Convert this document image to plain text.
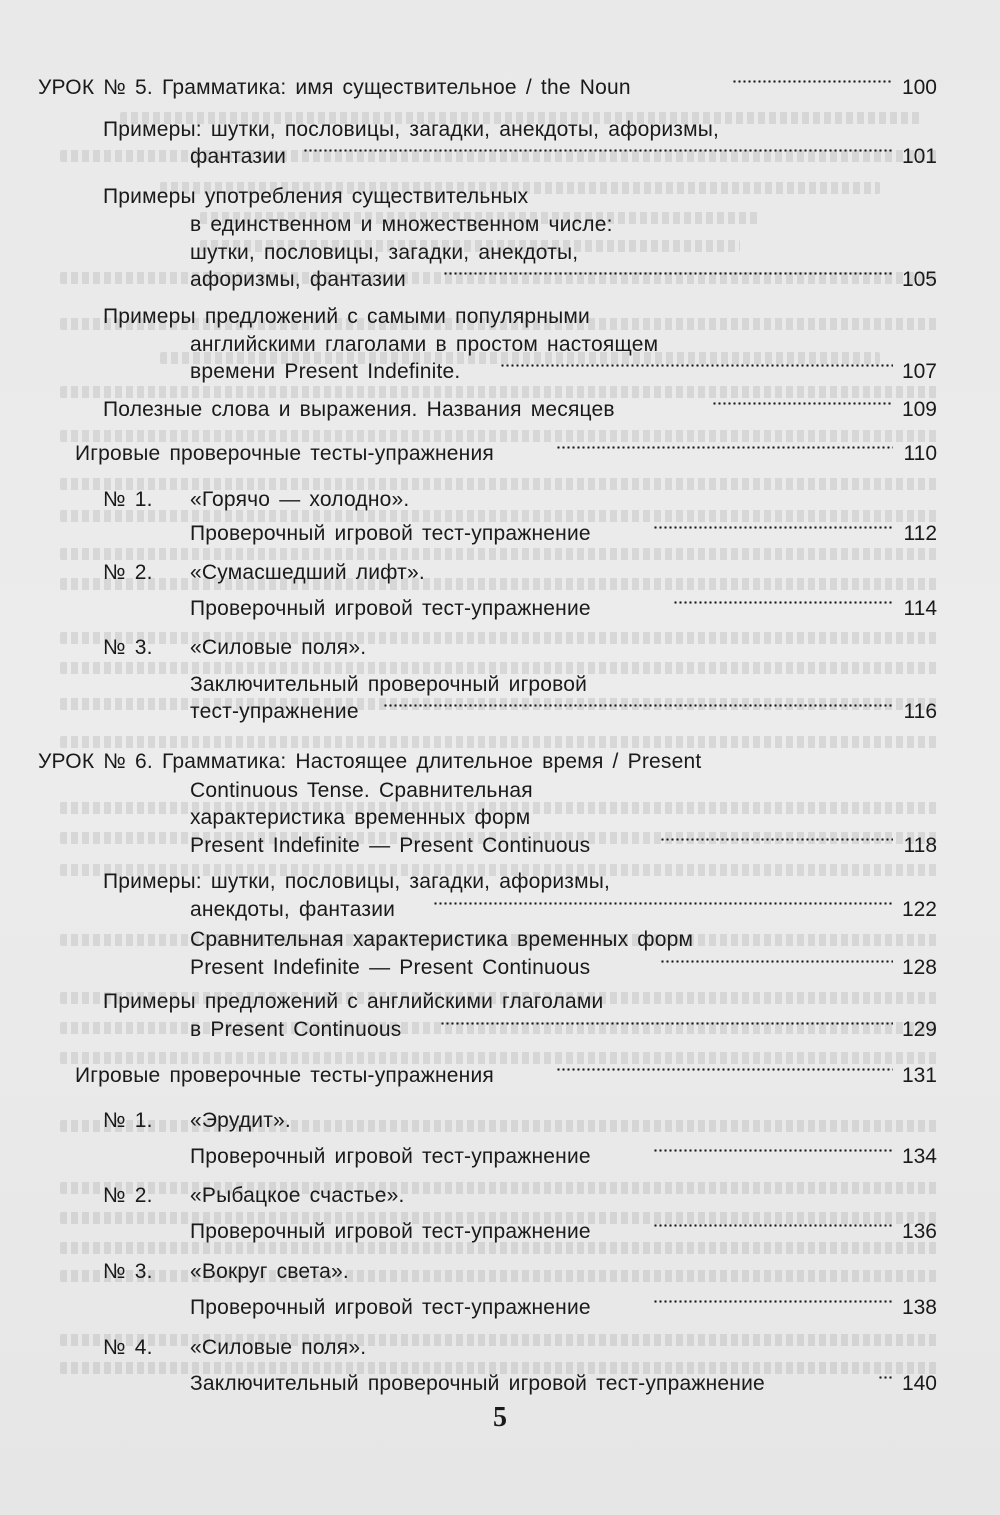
УРОК № 5. Грамматика: имя существительное / the Noun	100
Примеры: шутки, пословицы, загадки, анекдоты, афоризмы,
фантазии	101
Примеры употребления существительных
в единственном и множественном числе:
шутки, пословицы, загадки, анекдоты,
афоризмы, фантазии	105
Примеры предложений с самыми популярными
английскими глаголами в простом настоящем
времени Present Indefinite.	107
Полезные слова и выражения. Названия месяцев	109
Игровые проверочные тесты-упражнения	110
№ 1. «Горячо — холодно».
Проверочный игровой тест-упражнение	112
№ 2. «Сумасшедший лифт».
Проверочный игровой тест-упражнение	114
№ 3. «Силовые поля».
Заключительный проверочный игровой
тест-упражнение	116
УРОК № 6. Грамматика: Настоящее длительное время / Present
Continuous Tense. Сравнительная
характеристика временных форм
Present Indefinite — Present Continuous	118
Примеры: шутки, пословицы, загадки, афоризмы,
анекдоты, фантазии	122
Сравнительная характеристика временных форм
Present Indefinite — Present Continuous	128
Примеры предложений с английскими глаголами
в Present Continuous	129
Игровые проверочные тесты-упражнения	131
№ 1. «Эрудит».
Проверочный игровой тест-упражнение	134
№ 2. «Рыбацкое счастье».
Проверочный игровой тест-упражнение	136
№ 3. «Вокруг света».
Проверочный игровой тест-упражнение	138
№ 4. «Силовые поля».
Заключительный проверочный игровой тест-упражнение	140
5
